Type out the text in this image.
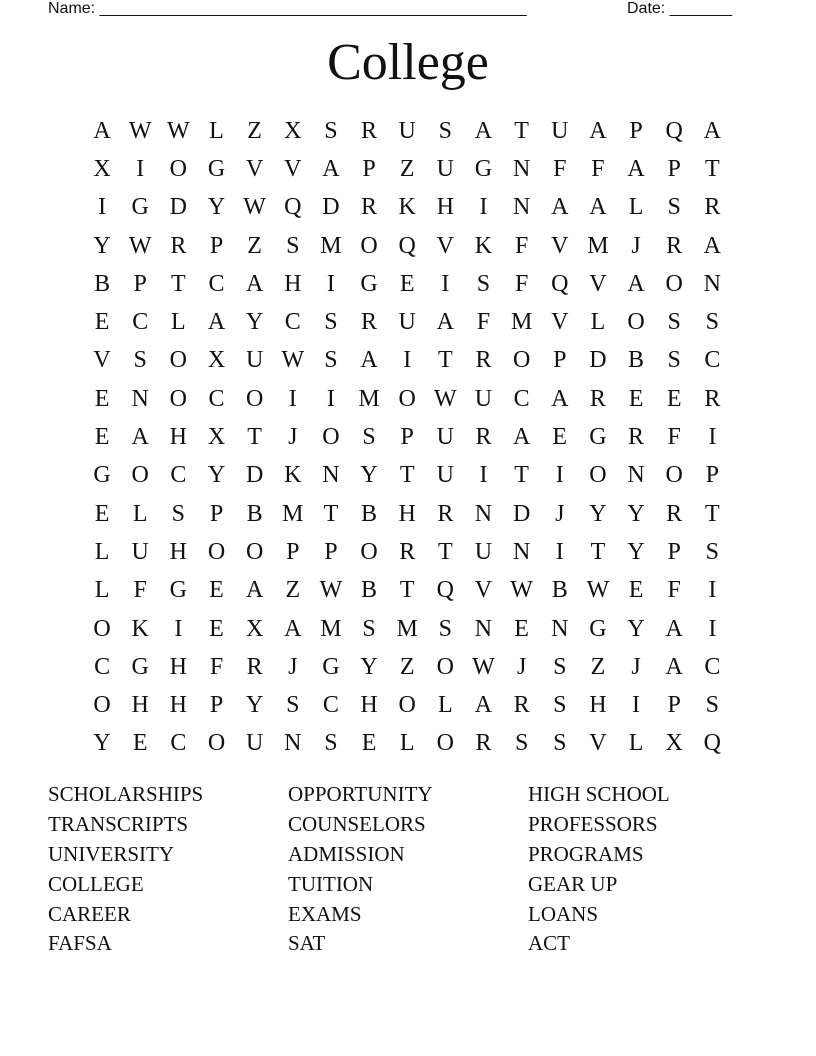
Name: ________________________________________________	Date: _______
College
A W W L Z X S R U S A T U A P Q A
X	I	O G V V A P	Z U G N F	F A P	T
I	G D Y W Q D R K H	I	N A A L	S R
Y W R P	Z	S M O Q V K F V M J	R A
B P	T C A H	I	G E	I	S	F Q V A O N
E C L A Y C S R U A F M V L O S	S
V S O X U W S A	I	T R O P D B S C
E N O C O	I	I M O W U C A R E E R
E A H X T	J	O S	P U R A E G R F	I
G O C Y D K N Y T U	I	T	I	O N O P
E L	S	P B M T B H R N D	J	Y Y R T
L U H O O P	P O R T U N	I	T Y P	S
L	F G E A Z W B T Q V W B W E	F	I
O K	I	E X A M S M S N E N G Y A	I
C G H F R	J	G Y Z O W J	S	Z	J	A C
O H H P Y S C H O L A R S H	I	P	S
Y E C O U N S	E L O R S	S V L X Q
SCHOLARSHIPS	OPPORTUNITY	HIGH SCHOOL
TRANSCRIPTS	COUNSELORS	PROFESSORS
UNIVERSITY	ADMISSION	PROGRAMS
COLLEGE	TUITION	GEAR UP
CAREER	EXAMS	LOANS
FAFSA	SAT	ACT
